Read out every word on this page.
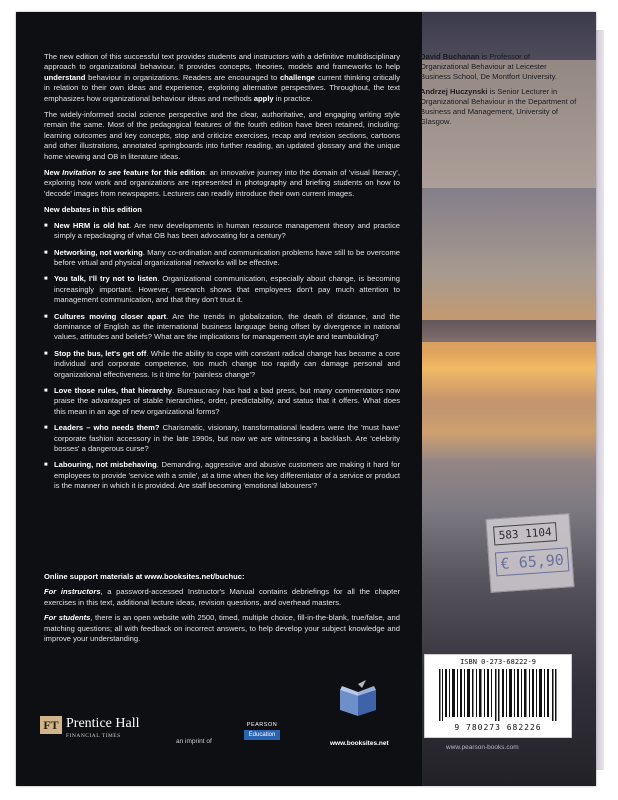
David Buchanan is Professor of Organizational Behaviour at Leicester Business School, De Montfort University.

Andrzej Huczynski is Senior Lecturer in Organizational Behaviour in the Department of Business and Management, University of Glasgow.

The new edition of this successful text provides students and instructors with a definitive multidisciplinary approach to organizational behaviour. It provides concepts, theories, models and frameworks to help understand behaviour in organizations. Readers are encouraged to challenge current thinking critically in relation to their own ideas and experience, exploring alternative perspectives. Throughout, the text emphasizes how organizational behaviour ideas and methods apply in practice.

The widely-informed social science perspective and the clear, authoritative, and engaging writing style remain the same. Most of the pedagogical features of the fourth edition have been retained, including: learning outcomes and key concepts, stop and criticize exercises, recap and revision sections, cartoons and other illustrations, annotated springboards into further reading, an updated glossary and the unique home viewing and OB in literature ideas.

New Invitation to see feature for this edition: an innovative journey into the domain of 'visual literacy', exploring how work and organizations are represented in photography and briefing students on how to 'decode' images from newspapers. Lecturers can readily introduce their own current images.

New debates in this edition
■ New HRM is old hat. Are new developments in human resource management theory and practice simply a repackaging of what OB has been advocating for a century?
■ Networking, not working. Many co-ordination and communication problems have still to be overcome before virtual and physical organizational networks will be effective.
■ You talk, I'll try not to listen. Organizational communication, especially about change, is becoming increasingly important. However, research shows that employees don't pay much attention to management communication, and that they don't trust it.
■ Cultures moving closer apart. Are the trends in globalization, the death of distance, and the dominance of English as the international business language being offset by divergence in national values, attitudes and beliefs? What are the implications for management style and teambuilding?
■ Stop the bus, let's get off. While the ability to cope with constant radical change has become a core individual and corporate competence, too much change too rapidly can damage personal and organizational effectiveness. Is it time for 'painless change'?
■ Love those rules, that hierarchy. Bureaucracy has had a bad press, but many commentators now praise the advantages of stable hierarchies, order, predictability, and status that it offers. What does this mean in an age of new organizational forms?
■ Leaders – who needs them? Charismatic, visionary, transformational leaders were the 'must have' corporate fashion accessory in the late 1990s, but now we are witnessing a backlash. Are 'celebrity bosses' a dangerous curse?
■ Labouring, not misbehaving. Demanding, aggressive and abusive customers are making it hard for employees to provide 'service with a smile', at a time when the key differentiator of a service or product is the manner in which it is provided. Are staff becoming 'emotional labourers'?

Online support materials at www.booksites.net/buchuc:

For instructors, a password-accessed Instructor's Manual contains debriefings for all the chapter exercises in this text, additional lecture ideas, revision questions, and overhead masters.

For students, there is an open website with 2500, timed, multiple choice, fill-in-the-blank, true/false, and matching questions; all with feedback on incorrect answers, to help develop your subject knowledge and improve your understanding.

583 1104 € 65,90
ISBN 0-273-68222-9
9 780273 682226
www.pearson-books.com
FT Prentice Hall
FINANCIAL TIMES
an imprint of
PEARSON
Education
www.booksites.net
